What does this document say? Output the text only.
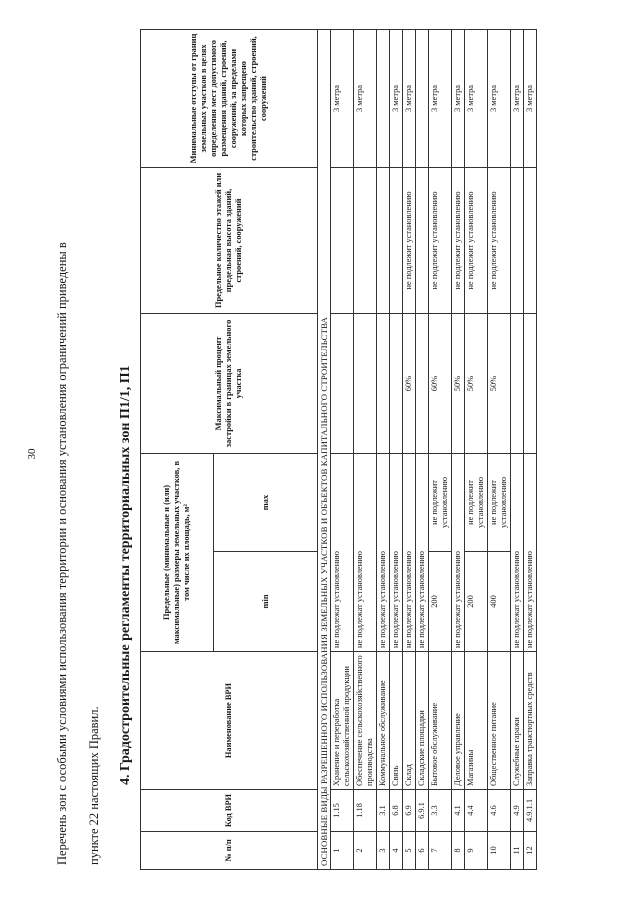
30 Перечень зон с особыми условиями использования территории и основания установления ограничений приведены в пункте 22 настоящих Правил.
4. Градостроительные регламенты территориальных зон П1/1, П1
№ п/п	Код ВРИ	Наименование ВРИ	Предельные (минимальные и (или) максимальные) размеры земельных участков, в том числе их площадь, м²		Максимальный процент застройки в границах земельного участка	Предельное количество этажей или предельная высота зданий, строений, сооружений	Минимальные отступы от границ земельных участков в целях определения мест допустимого размещения зданий, строений, сооружений, за пределами которых запрещено строительство зданий, строений, сооружений
			min	max			
ОСНОВНЫЕ ВИДЫ РАЗРЕШЕННОГО ИСПОЛЬЗОВАНИЯ ЗЕМЕЛЬНЫХ УЧАСТКОВ И ОБЪЕКТОВ КАПИТАЛЬНОГО СТРОИТЕЛЬСТВА							
1	1.15	Хранение и переработка сельскохозяйственной продукции	не подлежат установлению				3 метра
2	1.18	Обеспечение сельскохозяйственного производства	не подлежат установлению				3 метра
3	3.1	Коммунальное обслуживание	не подлежат установлению				
4	6.8	Связь	не подлежат установлению				3 метра
5	6.9	Склад	не подлежат установлению		60%	не подлежит установлению	3 метра
6	6.9.1	Складские площадки	не подлежат установлению				
7	3.3	Бытовое обслуживание	200	не подлежит установлению	60%	не подлежит установлению	3 метра
8	4.1	Деловое управление	не подлежат установлению		50%	не подлежит установлению	3 метра
9	4.4	Магазины	200	не подлежит установлению	50%	не подлежит установлению	3 метра
10	4.6	Общественное питание	400	не подлежит установлению	50%	не подлежит установлению	3 метра
11	4.9	Служебные гаражи	не подлежат установлению				3 метра
12	4.9.1.1	Заправка транспортных средств	не подлежат установлению				3 метра
